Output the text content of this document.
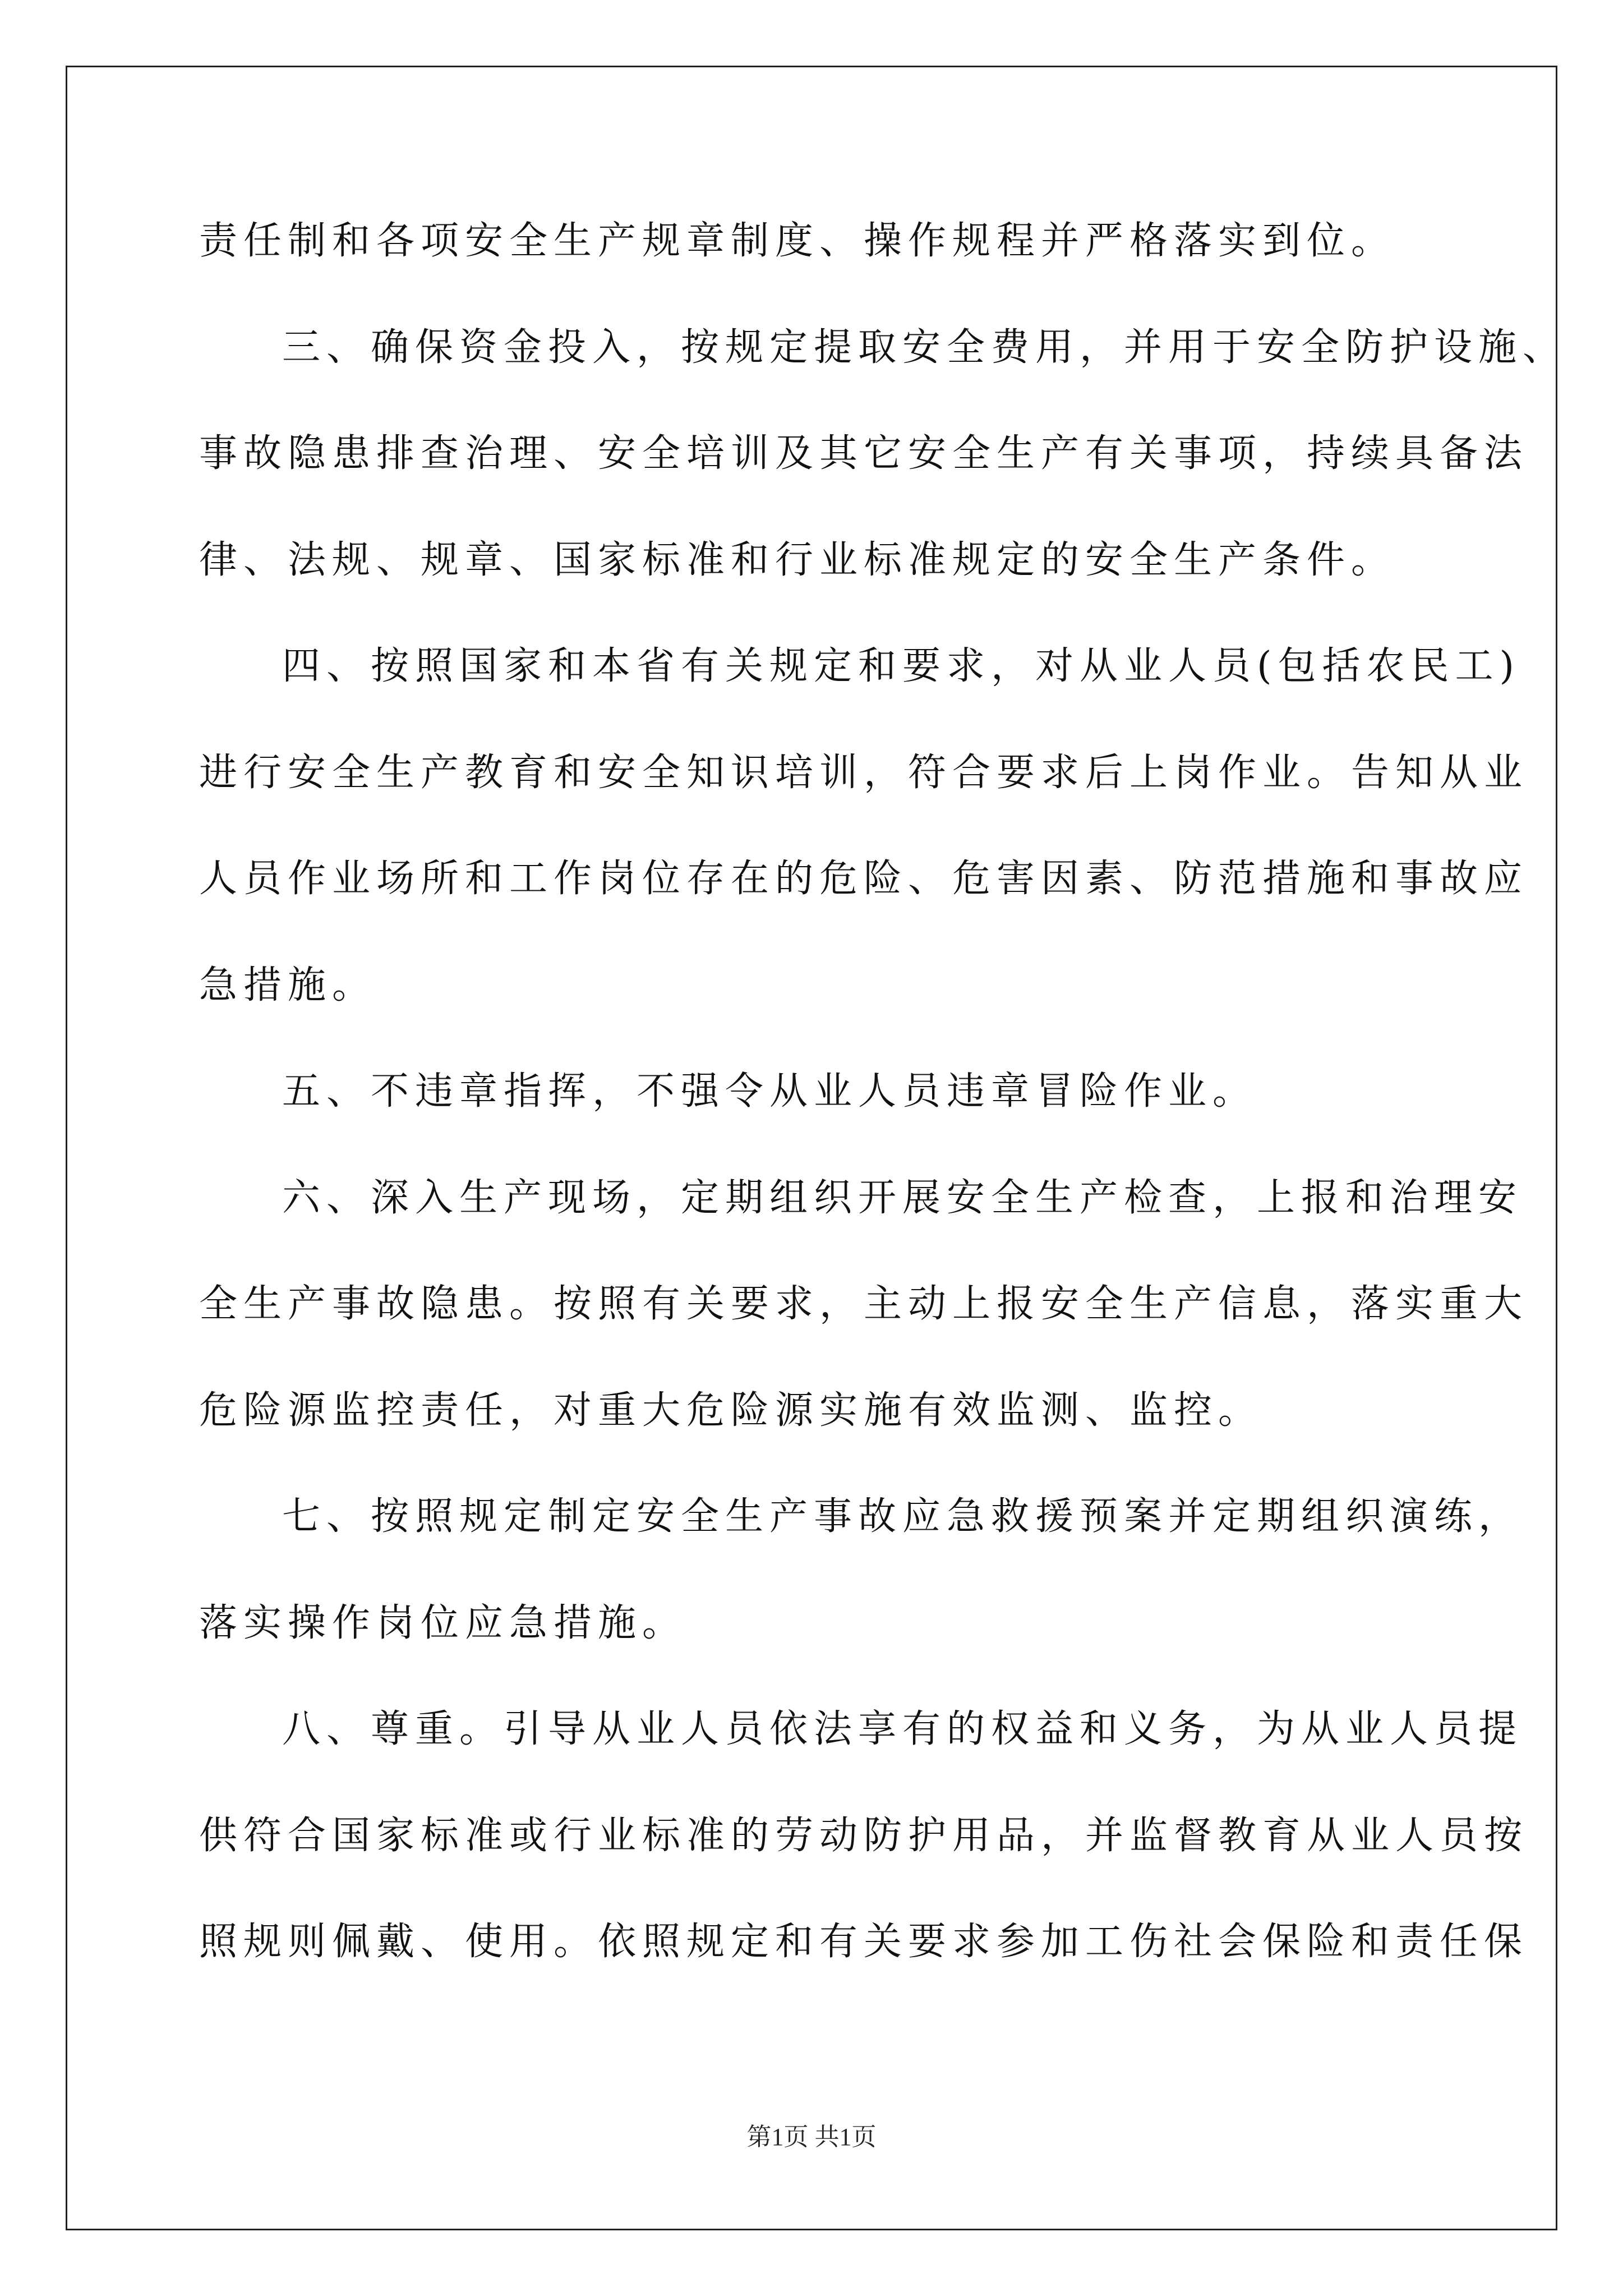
责任制和各项安全生产规章制度、操作规程并严格落实到位。
三、确保资金投入，按规定提取安全费用，并用于安全防护设施、
事故隐患排查治理、安全培训及其它安全生产有关事项，持续具备法
律、法规、规章、国家标准和行业标准规定的安全生产条件。
四、按照国家和本省有关规定和要求，对从业人员(包括农民工)
进行安全生产教育和安全知识培训，符合要求后上岗作业。告知从业
人员作业场所和工作岗位存在的危险、危害因素、防范措施和事故应
急措施。
五、不违章指挥，不强令从业人员违章冒险作业。
六、深入生产现场，定期组织开展安全生产检查，上报和治理安
全生产事故隐患。按照有关要求，主动上报安全生产信息，落实重大
危险源监控责任，对重大危险源实施有效监测、监控。
七、按照规定制定安全生产事故应急救援预案并定期组织演练，
落实操作岗位应急措施。
八、尊重。引导从业人员依法享有的权益和义务，为从业人员提
供符合国家标准或行业标准的劳动防护用品，并监督教育从业人员按
照规则佩戴、使用。依照规定和有关要求参加工伤社会保险和责任保
第1页 共1页
